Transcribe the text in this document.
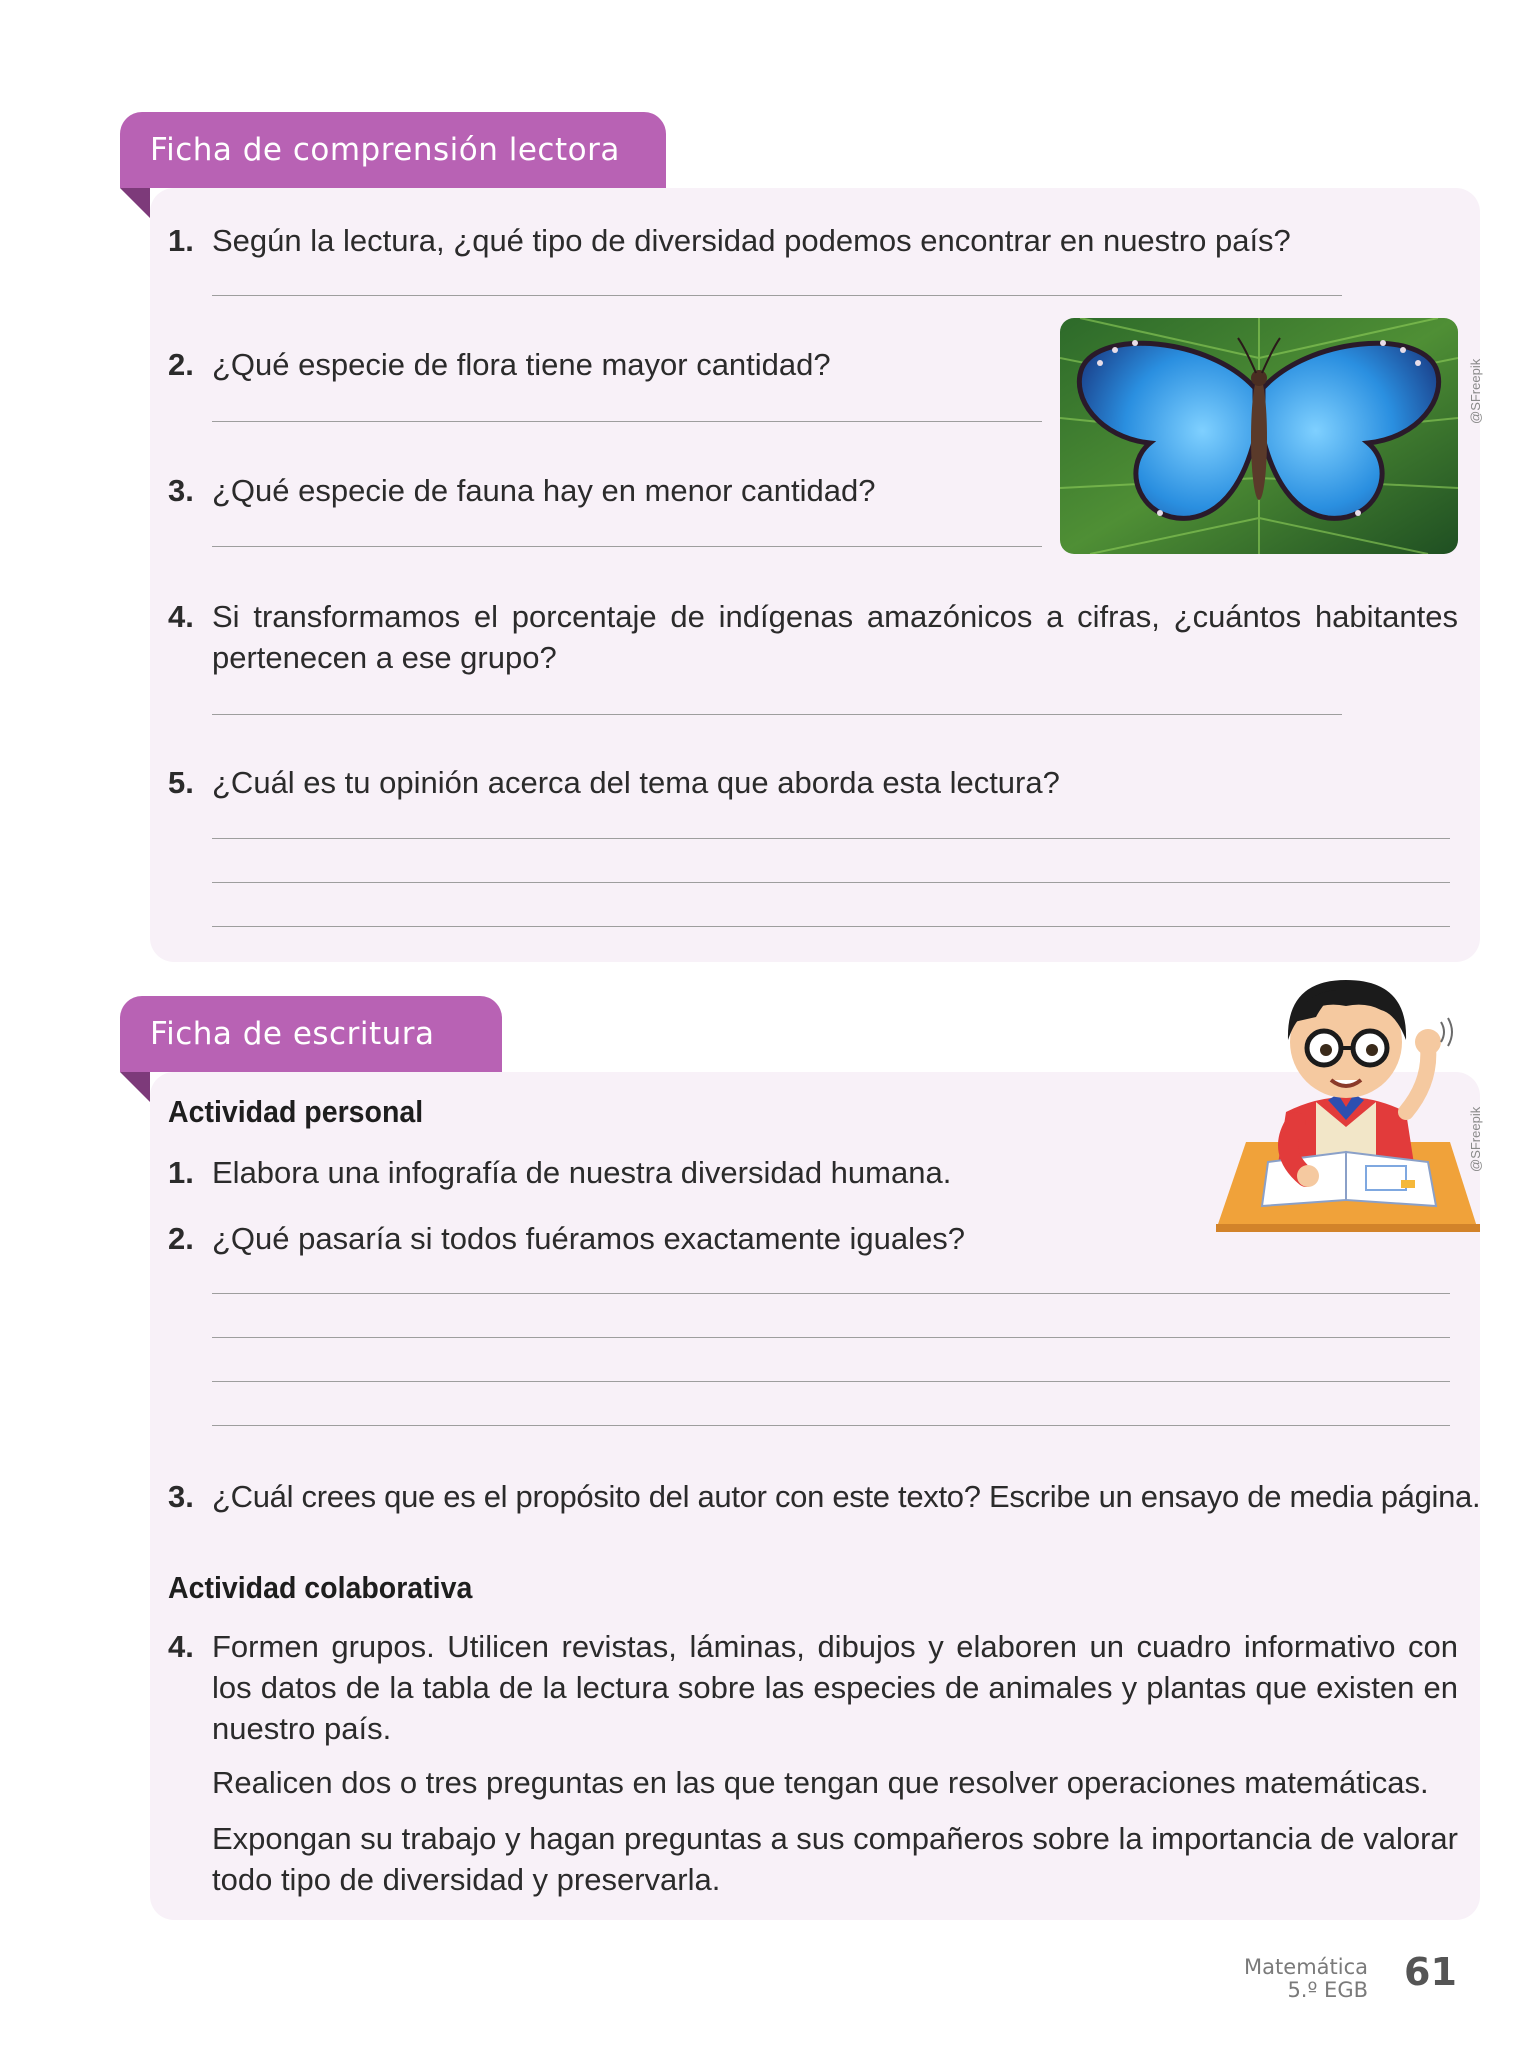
Ficha de comprensión lectora
1. Según la lectura, ¿qué tipo de diversidad podemos encontrar en nuestro país?
2. ¿Qué especie de flora tiene mayor cantidad?
3. ¿Qué especie de fauna hay en menor cantidad?
@SFreepik
4. Si transformamos el porcentaje de indígenas amazónicos a cifras, ¿cuántos habitantes pertenecen a ese grupo?
5. ¿Cuál es tu opinión acerca del tema que aborda esta lectura?
Ficha de escritura
@SFreepik
Actividad personal
1. Elabora una infografía de nuestra diversidad humana.
2. ¿Qué pasaría si todos fuéramos exactamente iguales?
3. ¿Cuál crees que es el propósito del autor con este texto? Escribe un ensayo de media página.
Actividad colaborativa
4. Formen grupos. Utilicen revistas, láminas, dibujos y elaboren un cuadro informativo con los datos de la tabla de la lectura sobre las especies de animales y plantas que existen en nuestro país.
Realicen dos o tres preguntas en las que tengan que resolver operaciones matemáticas.
Expongan su trabajo y hagan preguntas a sus compañeros sobre la importancia de valorar todo tipo de diversidad y preservarla.
Matemática
5.º EGB 61
